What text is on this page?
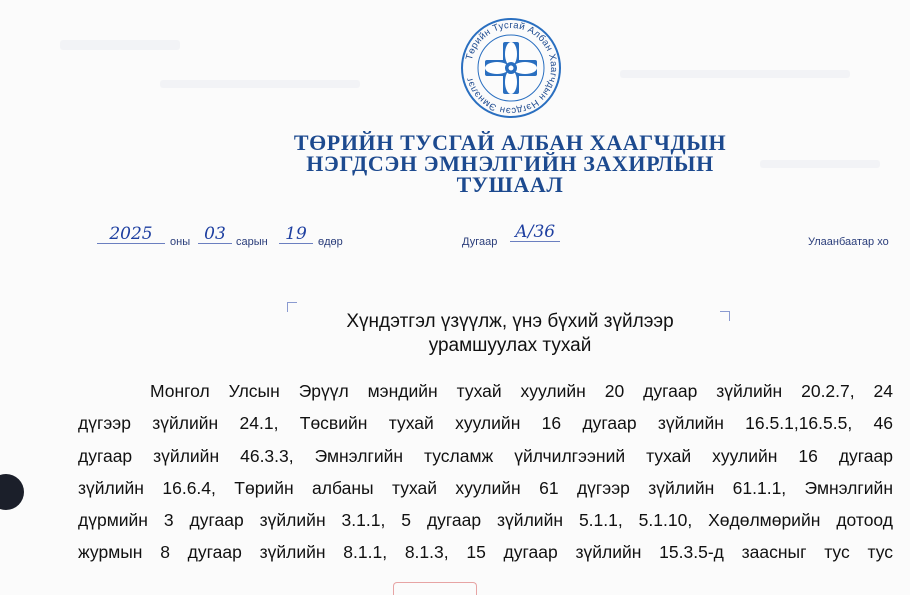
Төрийн Тусгай Албан Хаагчдын Нэгдсэн Эмнэлэг
ТӨРИЙН ТУСГАЙ АЛБАН ХААГЧДЫН
НЭГДСЭН ЭМНЭЛГИЙН ЗАХИРЛЫН
ТУШААЛ
2025	оны 03 сарын	19	өдөр	Дугаар А/36	Улаанбаатар хо
Хүндэтгэл үзүүлж, үнэ бүхий зүйлээр
урамшуулах тухай
Монгол Улсын Эрүүл мэндийн тухай хуулийн 20 дугаар зүйлийн 20.2.7, 24
дүгээр зүйлийн 24.1, Төсвийн тухай хуулийн 16 дугаар зүйлийн 16.5.1,16.5.5, 46
дугаар зүйлийн 46.3.3, Эмнэлгийн тусламж үйлчилгээний тухай хуулийн 16 дугаар
зүйлийн 16.6.4, Төрийн албаны тухай хуулийн 61 дүгээр зүйлийн 61.1.1, Эмнэлгийн
дүрмийн 3 дугаар зүйлийн 3.1.1, 5 дугаар зүйлийн 5.1.1, 5.1.10, Хөдөлмөрийн дотоод
журмын 8 дугаар зүйлийн 8.1.1, 8.1.3, 15 дугаар зүйлийн 15.3.5-д заасныг тус тус
